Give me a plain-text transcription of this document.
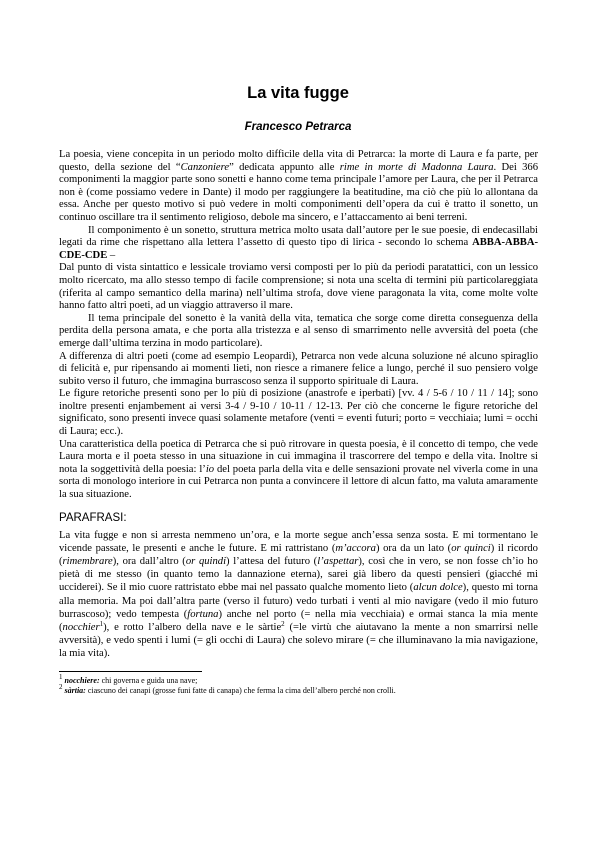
La vita fugge
Francesco Petrarca

La poesia, viene concepita in un periodo molto difficile della vita di Petrarca: la morte di Laura e fa parte, per questo, della sezione del “Canzoniere” dedicata appunto alle rime in morte di Madonna Laura. Dei 366 componimenti la maggior parte sono sonetti e hanno come tema principale l’amore per Laura, che per il Petrarca non è (come possiamo vedere in Dante) il modo per raggiungere la beatitudine, ma ciò che più lo allontana da essa. Anche per questo motivo si può vedere in molti componimenti dell’opera da cui è tratto il sonetto, un continuo oscillare tra il sentimento religioso, debole ma sincero, e l’attaccamento ai beni terreni.

Il componimento è un sonetto, struttura metrica molto usata dall’autore per le sue poesie, di endecasillabi legati da rime che rispettano alla lettera l’assetto di questo tipo di lirica - secondo lo schema ABBA-ABBA-CDE-CDE –

Dal punto di vista sintattico e lessicale troviamo versi composti per lo più da periodi paratattici, con un lessico molto ricercato, ma allo stesso tempo di facile comprensione; si nota una scelta di termini più particolareggiata (riferita al campo semantico della marina) nell’ultima strofa, dove viene paragonata la vita, come molte volte hanno fatto altri poeti, ad un viaggio attraverso il mare.

Il tema principale del sonetto è la vanità della vita, tematica che sorge come diretta conseguenza della perdita della persona amata, e che porta alla tristezza e al senso di smarrimento nelle avversità del poeta (che emerge dall’ultima terzina in modo particolare).

A differenza di altri poeti (come ad esempio Leopardi), Petrarca non vede alcuna soluzione né alcuno spiraglio di felicità e, pur ripensando ai momenti lieti, non riesce a rimanere felice a lungo, perché il suo pensiero volge subito verso il futuro, che immagina burrascoso senza il supporto spirituale di Laura.

Le figure retoriche presenti sono per lo più di posizione (anastrofe e iperbati) [vv. 4 / 5-6 / 10 / 11 / 14]; sono inoltre presenti enjambement ai versi 3-4 / 9-10 / 10-11 / 12-13. Per ciò che concerne le figure retoriche del significato, sono presenti invece quasi solamente metafore (venti = eventi futuri; porto = vecchiaia; lumi = occhi di Laura; ecc.).

Una caratteristica della poetica di Petrarca che si può ritrovare in questa poesia, è il concetto di tempo, che vede Laura morta e il poeta stesso in una situazione in cui immagina il trascorrere del tempo e della vita. Inoltre si nota la soggettività della poesia: l’io del poeta parla della vita e delle sensazioni provate nel viverla come in una sorta di monologo interiore in cui Petrarca non punta a convincere il lettore di alcun fatto, ma valuta amaramente la sua situazione.

PARAFRASI:

La vita fugge e non si arresta nemmeno un’ora, e la morte segue anch’essa senza sosta. E mi tormentano le vicende passate, le presenti e anche le future. E mi rattristano (m’accora) ora da un lato (or quinci) il ricordo (rimembrare), ora dall’altro (or quindi) l’attesa del futuro (l’aspettar), così che in vero, se non fosse ch’io ho pietà di me stesso (in quanto temo la dannazione eterna), sarei già libero da questi pensieri (giacché mi ucciderei). Se il mio cuore rattristato ebbe mai nel passato qualche momento lieto (alcun dolce), questo mi torna alla memoria. Ma poi dall’altra parte (verso il futuro) vedo turbati i venti al mio navigare (vedo il mio futuro burrascoso); vedo tempesta (fortuna) anche nel porto (= nella mia vecchiaia) e ormai stanca la mia mente (nocchier$^1$), e rotto l’albero della nave e le sàrtie$^2$ (=le virtù che aiutavano la mente a non smarrirsi nelle avversità), e vedo spenti i lumi (= gli occhi di Laura) che solevo mirare (= che illuminavano la mia navigazione, la mia vita).

$^1$ nocchiere: chi governa e guida una nave;
$^2$ sàrtia: ciascuno dei canapi (grosse funi fatte di canapa) che ferma la cima dell’albero perché non crolli.
